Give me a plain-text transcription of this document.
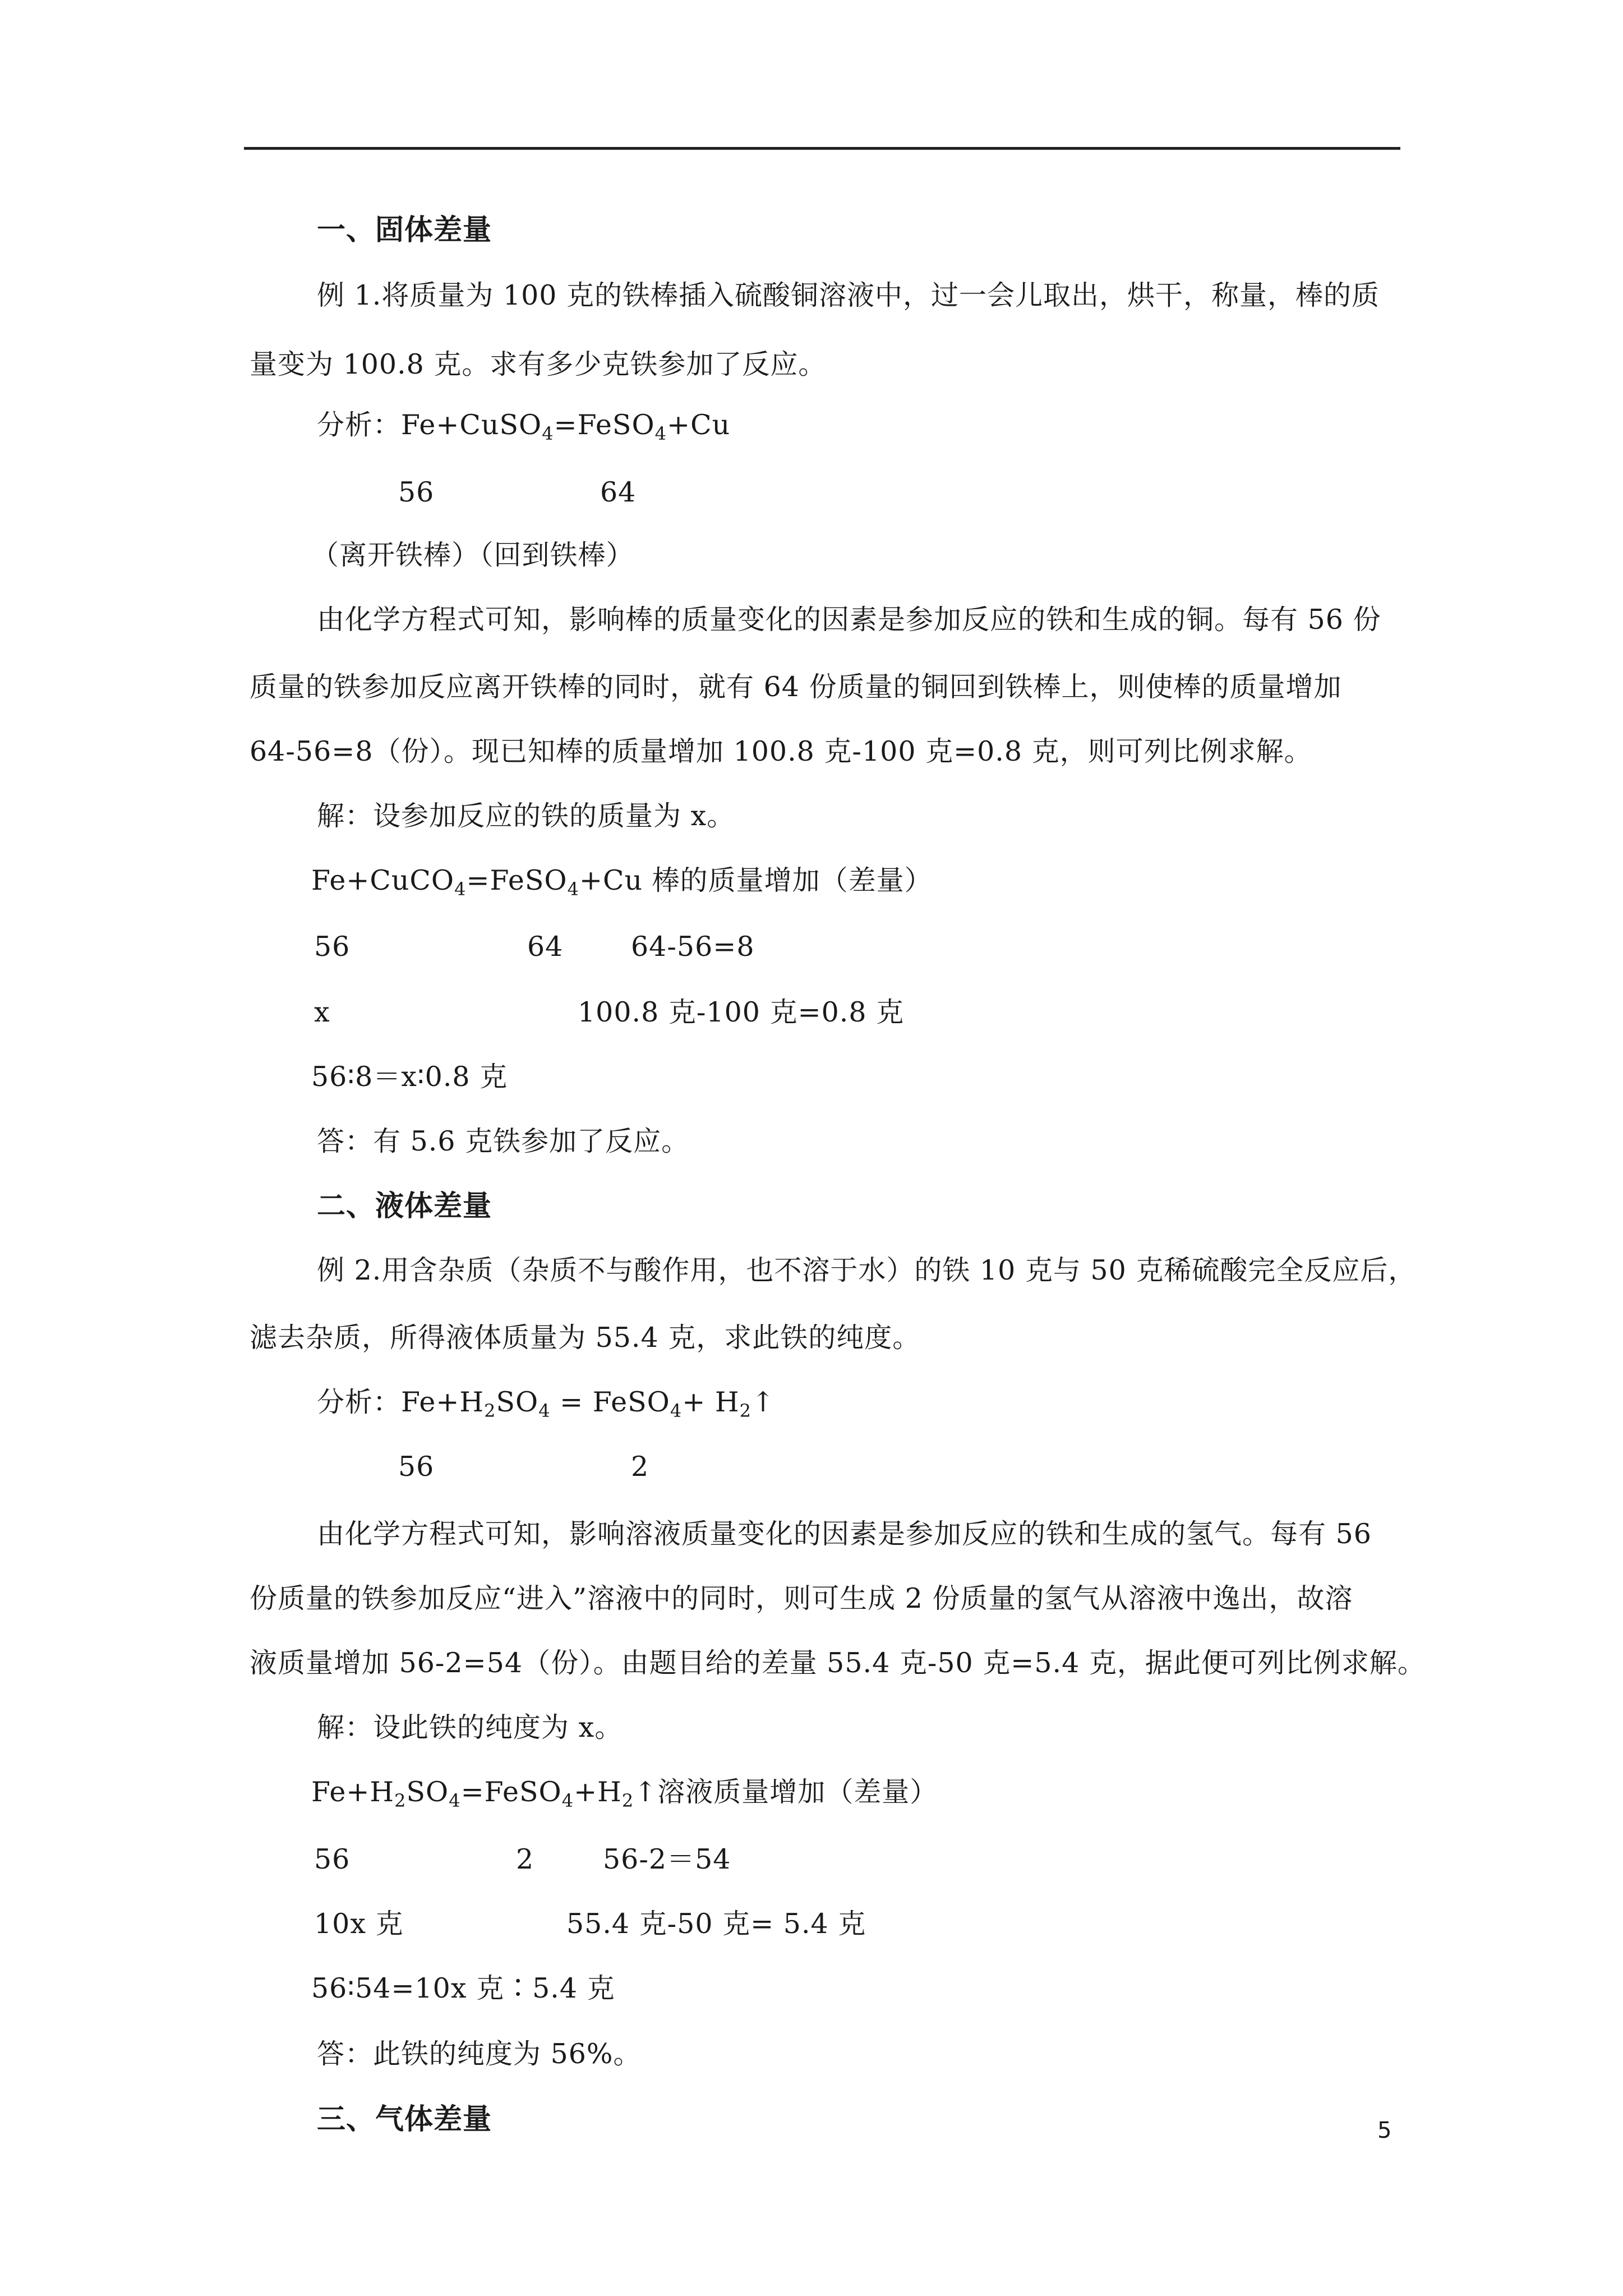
一、固体差量
例 1.将质量为 100 克的铁棒插入硫酸铜溶液中，过一会儿取出，烘干，称量，棒的质
量变为 100.8 克。求有多少克铁参加了反应。
分析：Fe+CuSO$_4$=FeSO$_4$+Cu
56	64
（离开铁棒）（回到铁棒）
由化学方程式可知，影响棒的质量变化的因素是参加反应的铁和生成的铜。每有 56 份
质量的铁参加反应离开铁棒的同时，就有 64 份质量的铜回到铁棒上，则使棒的质量增加
64-56=8（份）。现已知棒的质量增加 100.8 克-100 克=0.8 克，则可列比例求解。
解：设参加反应的铁的质量为 x。
Fe+CuCO$_4$=FeSO$_4$+Cu 棒的质量增加（差量）
56	64 64-56=8
x	100.8 克-100 克=0.8 克
56∶8＝x∶0.8 克
答：有 5.6 克铁参加了反应。
二、液体差量
例 2.用含杂质（杂质不与酸作用，也不溶于水）的铁 10 克与 50 克稀硫酸完全反应后，
滤去杂质，所得液体质量为 55.4 克，求此铁的纯度。
分析：$Fe+H_2SO_4$ = FeSO$_4$+ $H_2↑$
56	2
由化学方程式可知，影响溶液质量变化的因素是参加反应的铁和生成的氢气。每有 56
份质量的铁参加反应“进入”溶液中的同时，则可生成 2 份质量的氢气从溶液中逸出，故溶
液质量增加 56-2=54（份）。由题目给的差量 55.4 克-50 克=5.4 克，据此便可列比例求解。
解：设此铁的纯度为 x。
$Fe+H_2SO_4=FeSO_4+H_2↑$溶液质量增加（差量）
56	2	56-2＝54
10x 克	55.4 克-50 克= 5.4 克
56∶54=10x 克∶5.4 克
答：此铁的纯度为 56%。
三、气体差量	5
